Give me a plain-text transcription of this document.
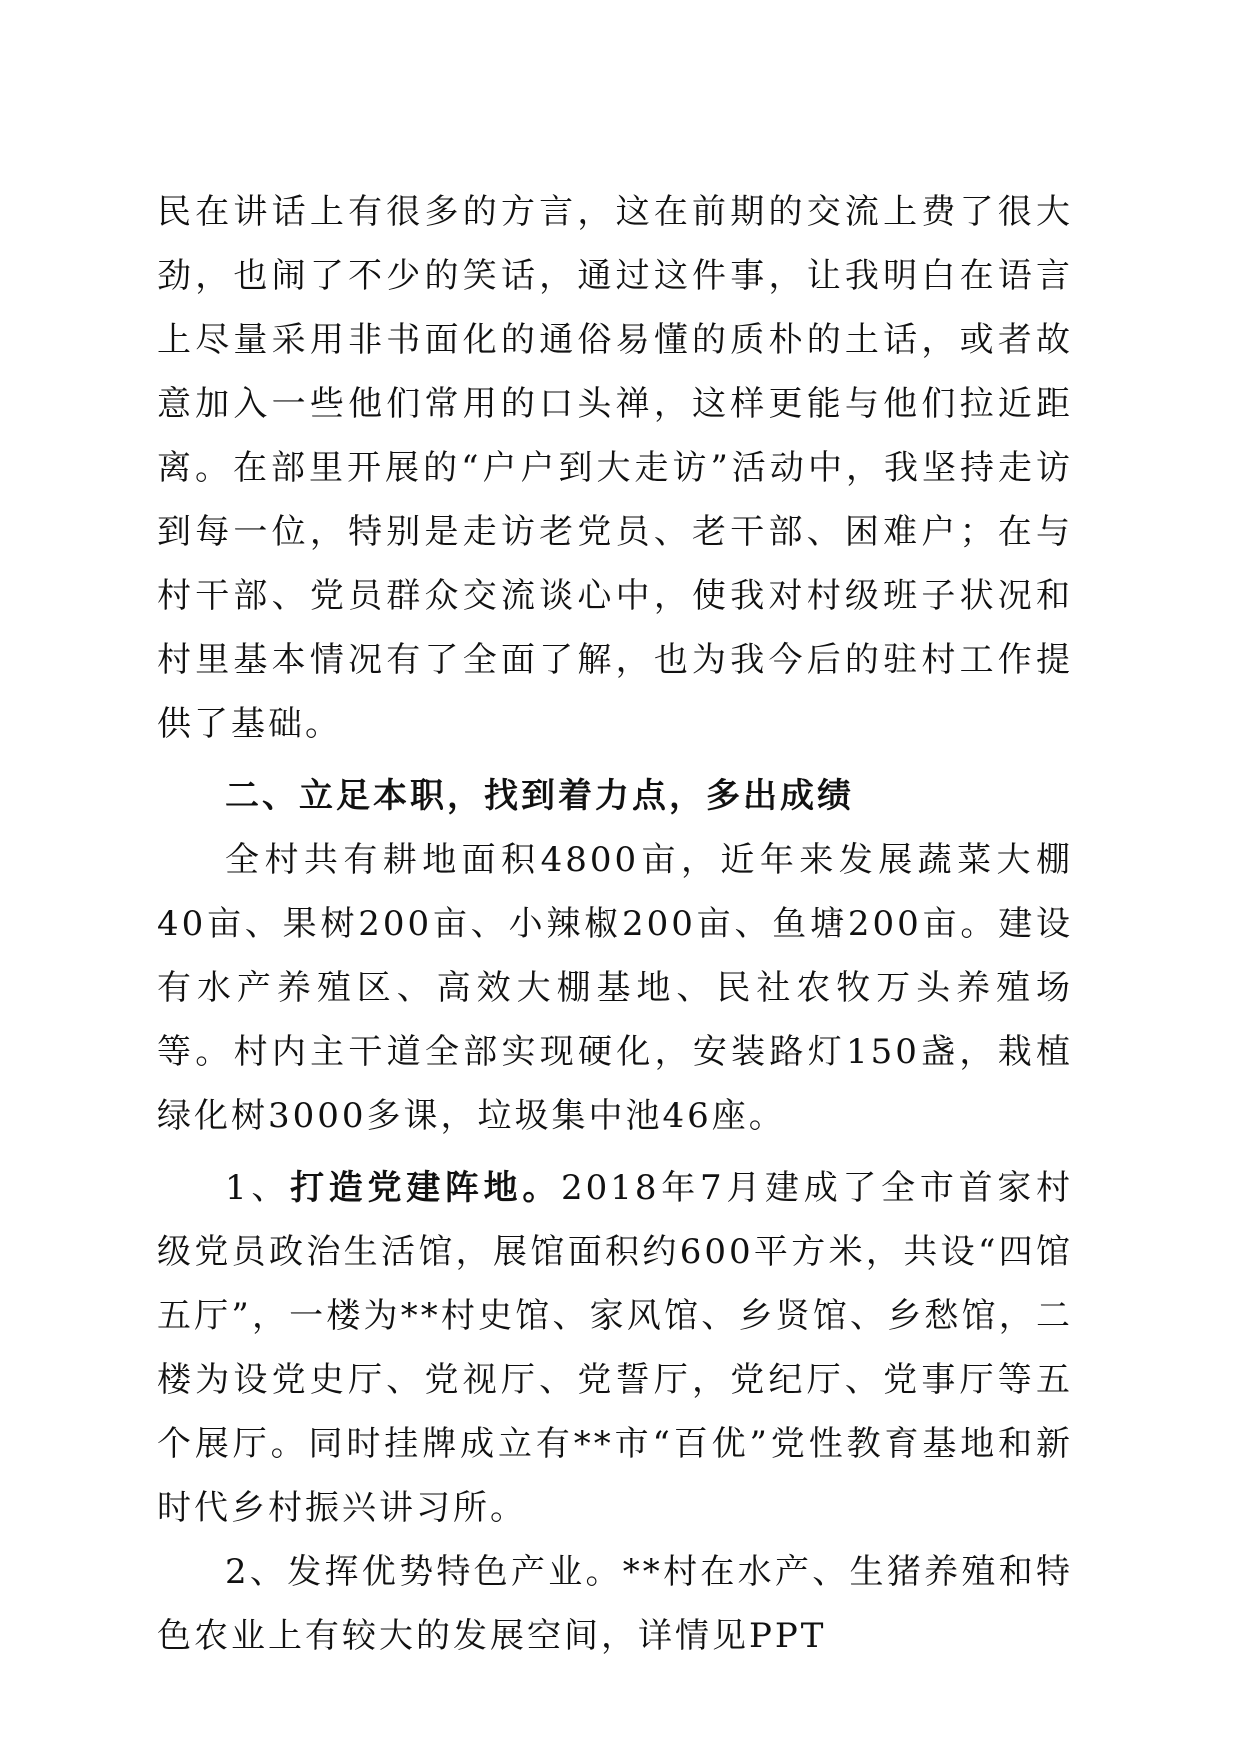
民在讲话上有很多的方言，这在前期的交流上费了很大劲，也闹了不少的笑话，通过这件事，让我明白在语言上尽量采用非书面化的通俗易懂的质朴的土话，或者故意加入一些他们常用的口头禅，这样更能与他们拉近距离。在部里开展的“户户到大走访”活动中，我坚持走访到每一位，特别是走访老党员、老干部、困难户；在与村干部、党员群众交流谈心中，使我对村级班子状况和村里基本情况有了全面了解，也为我今后的驻村工作提供了基础。

二、立足本职，找到着力点，多出成绩

全村共有耕地面积4800亩，近年来发展蔬菜大棚40亩、果树200亩、小辣椒200亩、鱼塘200亩。建设有水产养殖区、高效大棚基地、民社农牧万头养殖场等。村内主干道全部实现硬化，安装路灯150盏，栽植绿化树3000多课，垃圾集中池46座。

1、打造党建阵地。2018年7月建成了全市首家村级党员政治生活馆，展馆面积约600平方米，共设“四馆五厅”，一楼为**村史馆、家风馆、乡贤馆、乡愁馆，二楼为设党史厅、党视厅、党誓厅，党纪厅、党事厅等五个展厅。同时挂牌成立有**市“百优”党性教育基地和新时代乡村振兴讲习所。

2、发挥优势特色产业。**村在水产、生猪养殖和特色农业上有较大的发展空间，详情见PPT
